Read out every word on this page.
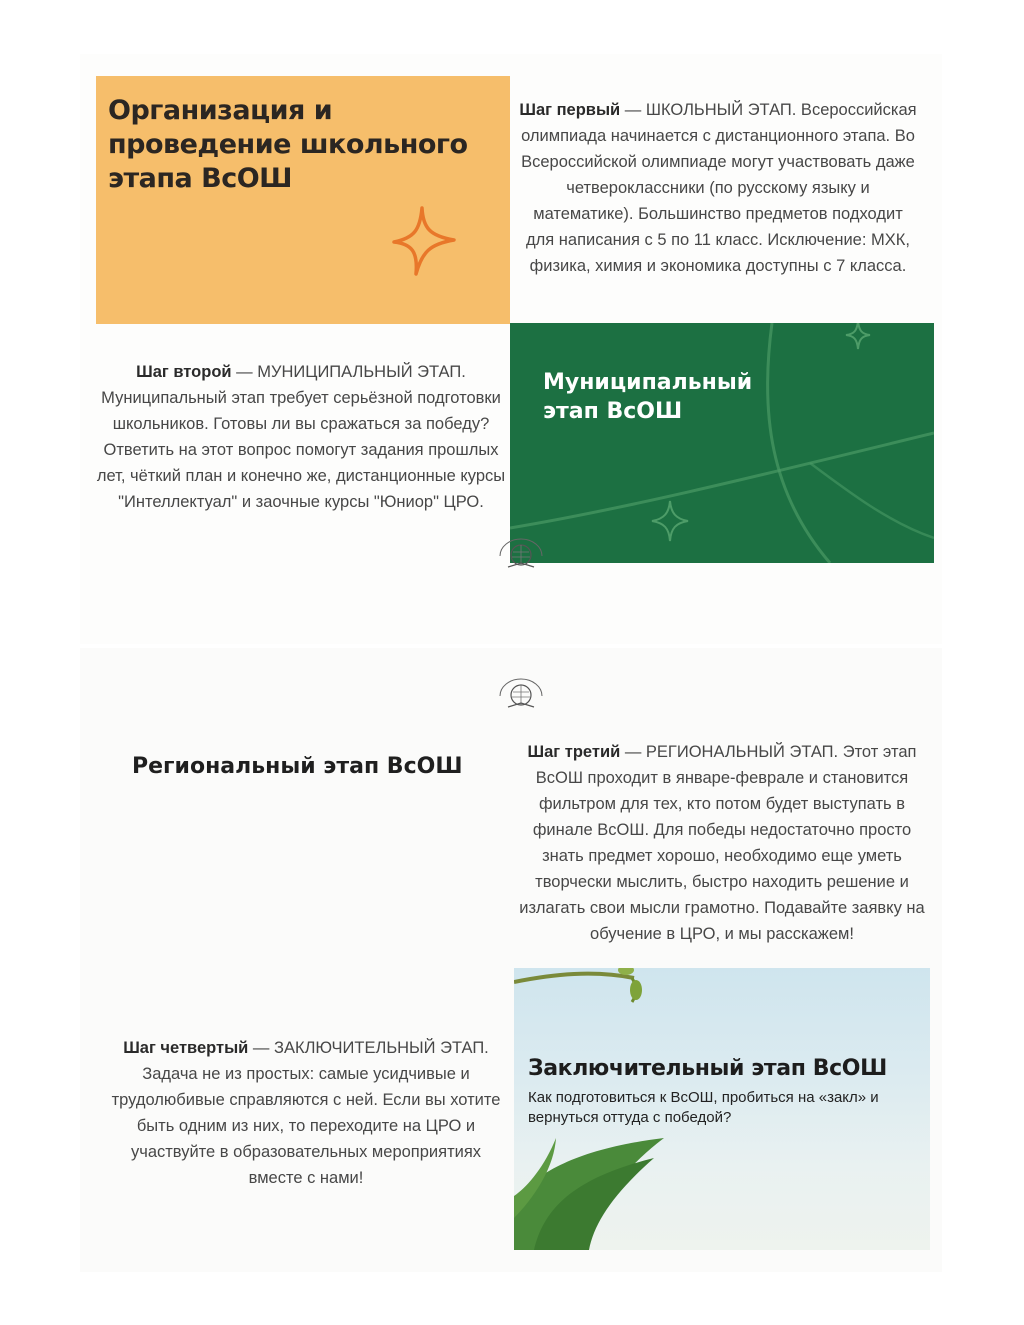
Организация и проведение школьного этапа ВсОШ

Шаг первый — ШКОЛЬНЫЙ ЭТАП. Всероссийская олимпиада начинается с дистанционного этапа. Во Всероссийской олимпиаде могут участвовать даже четвероклассники (по русскому языку и математике). Большинство предметов подходит для написания с 5 по 11 класс. Исключение: МХК, физика, химия и экономика доступны с 7 класса.

Шаг второй — МУНИЦИПАЛЬНЫЙ ЭТАП. Муниципальный этап требует серьёзной подготовки школьников. Готовы ли вы сражаться за победу? Ответить на этот вопрос помогут задания прошлых лет, чёткий план и конечно же, дистанционные курсы "Интеллектуал" и заочные курсы "Юниор" ЦРО.

Муниципальный
этап ВсОШ
Региональный этап ВсОШ

Шаг третий — РЕГИОНАЛЬНЫЙ ЭТАП. Этот этап ВсОШ проходит в январе-феврале и становится фильтром для тех, кто потом будет выступать в финале ВсОШ. Для победы недостаточно просто знать предмет хорошо, необходимо еще уметь творчески мыслить, быстро находить решение и излагать свои мысли грамотно. Подавайте заявку на обучение в ЦРО, и мы расскажем!

Шаг четвертый — ЗАКЛЮЧИТЕЛЬНЫЙ ЭТАП. Задача не из простых: самые усидчивые и трудолюбивые справляются с ней. Если вы хотите быть одним из них, то переходите на ЦРО и участвуйте в образовательных мероприятиях вместе с нами!

Заключительный этап ВсОШ

Как подготовиться к ВсОШ, пробиться на «закл» и вернуться оттуда с победой?
